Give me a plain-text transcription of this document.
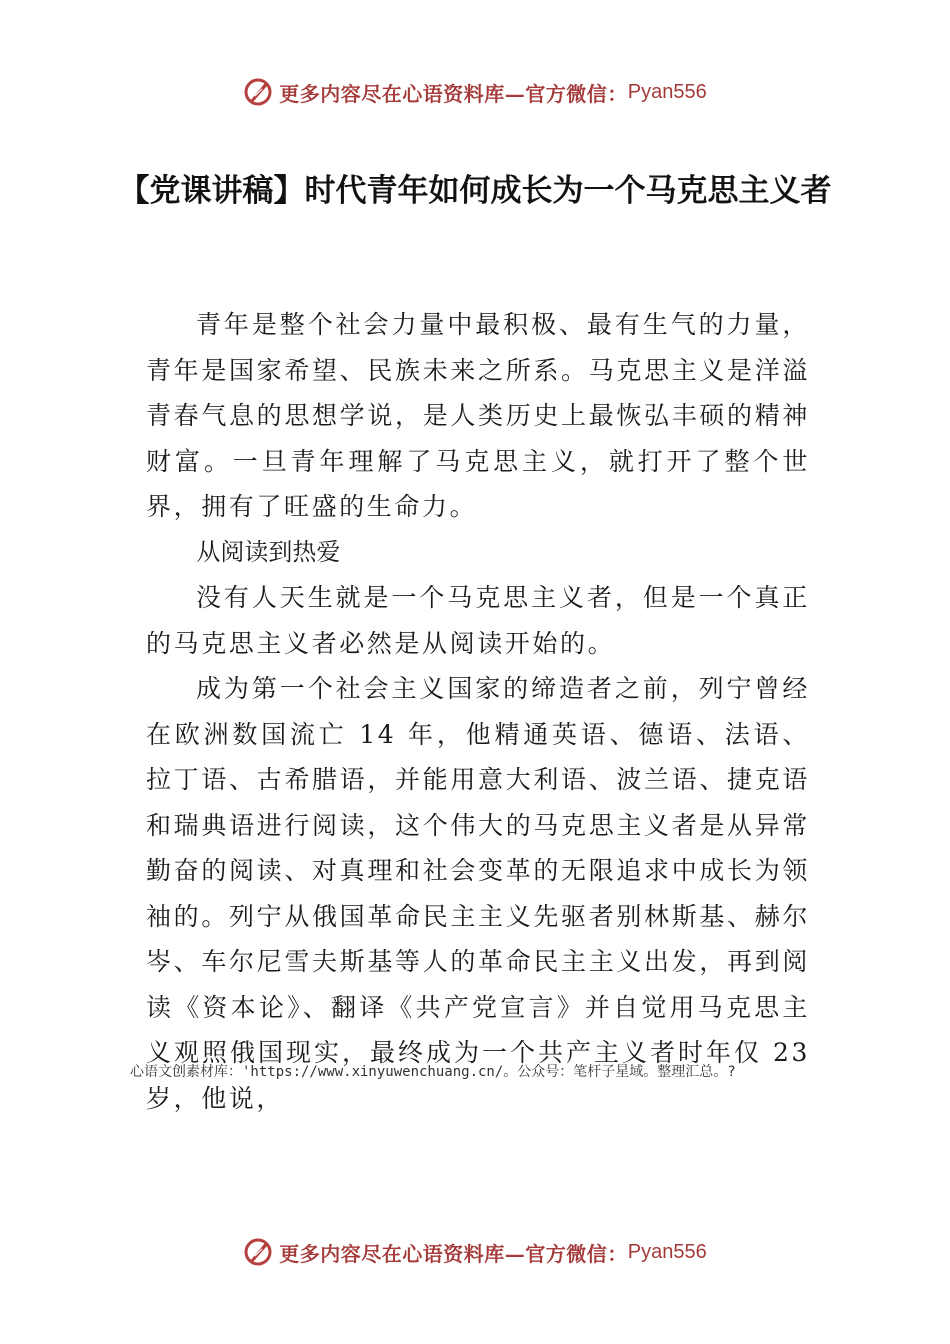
更多内容尽在心语资料库—官方微信： Pyan556
【党课讲稿】时代青年如何成长为一个马克思主义者

青年是整个社会力量中最积极、最有生气的力量，青年是国家希望、民族未来之所系。马克思主义是洋溢青春气息的思想学说，是人类历史上最恢弘丰硕的精神财富。一旦青年理解了马克思主义，就打开了整个世界，拥有了旺盛的生命力。

从阅读到热爱

没有人天生就是一个马克思主义者，但是一个真正的马克思主义者必然是从阅读开始的。

成为第一个社会主义国家的缔造者之前，列宁曾经在欧洲数国流亡 14 年，他精通英语、德语、法语、拉丁语、古希腊语，并能用意大利语、波兰语、捷克语和瑞典语进行阅读，这个伟大的马克思主义者是从异常勤奋的阅读、对真理和社会变革的无限追求中成长为领袖的。列宁从俄国革命民主主义先驱者别林斯基、赫尔岑、车尔尼雪夫斯基等人的革命民主主义出发，再到阅读《资本论》、翻译《共产党宣言》并自觉用马克思主义观照俄国现实，最终成为一个共产主义者时年仅 23 岁，他说，

心语文创素材库：'https://www.xinyuwenchuang.cn/。公众号：笔杆子星域。整理汇总。?
更多内容尽在心语资料库—官方微信： Pyan556
